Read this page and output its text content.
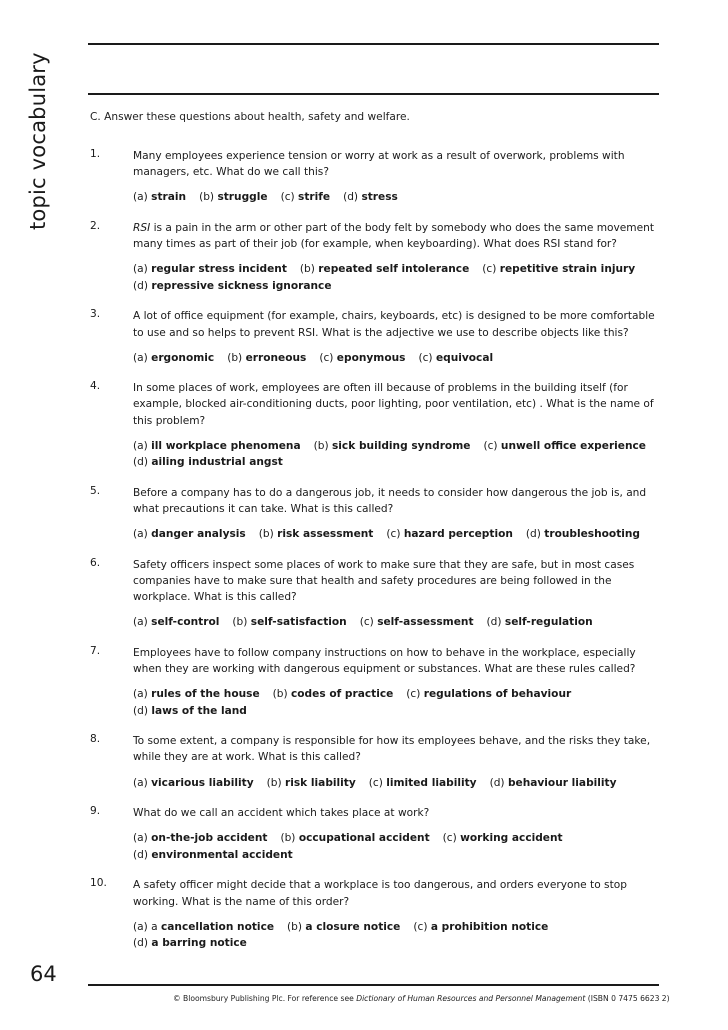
topic vocabulary	C. Answer these questions about health, safety and welfare.
1.	Many employees experience tension or worry at work as a result of overwork, problems with managers, etc. What do we call this?

(a) strain (b) struggle (c) strife (d) stress
2.	RSI is a pain in the arm or other part of the body felt by somebody who does the same movement many times as part of their job (for example, when keyboarding). What does RSI stand for?

(a) regular stress incident (b) repeated self intolerance (c) repetitive strain injury
(d) repressive sickness ignorance
3.	A lot of office equipment (for example, chairs, keyboards, etc) is designed to be more comfortable to use and so helps to prevent RSI. What is the adjective we use to describe objects like this?

(a) ergonomic (b) erroneous (c) eponymous (c) equivocal
4.	In some places of work, employees are often ill because of problems in the building itself (for example, blocked air-conditioning ducts, poor lighting, poor ventilation, etc) . What is the name of this problem?

(a) ill workplace phenomena (b) sick building syndrome (c) unwell office experience
(d) ailing industrial angst
5.	Before a company has to do a dangerous job, it needs to consider how dangerous the job is, and what precautions it can take. What is this called?

(a) danger analysis (b) risk assessment (c) hazard perception (d) troubleshooting
6.	Safety officers inspect some places of work to make sure that they are safe, but in most cases companies have to make sure that health and safety procedures are being followed in the workplace. What is this called?

(a) self-control (b) self-satisfaction (c) self-assessment (d) self-regulation
7.	Employees have to follow company instructions on how to behave in the workplace, especially when they are working with dangerous equipment or substances. What are these rules called?

(a) rules of the house (b) codes of practice (c) regulations of behaviour
(d) laws of the land
8.	To some extent, a company is responsible for how its employees behave, and the risks they take, while they are at work. What is this called?

(a) vicarious liability (b) risk liability (c) limited liability (d) behaviour liability
9.	What do we call an accident which takes place at work?

(a) on-the-job accident (b) occupational accident (c) working accident
(d) environmental accident
10. A safety officer might decide that a workplace is too dangerous, and orders everyone to stop working. What is the name of this order?

(a) a cancellation notice (b) a closure notice (c) a prohibition notice(d) a barring notice
64
© Bloomsbury Publishing Plc. For reference see Dictionary of Human Resources and Personnel Management (ISBN 0 7475 6623 2)
